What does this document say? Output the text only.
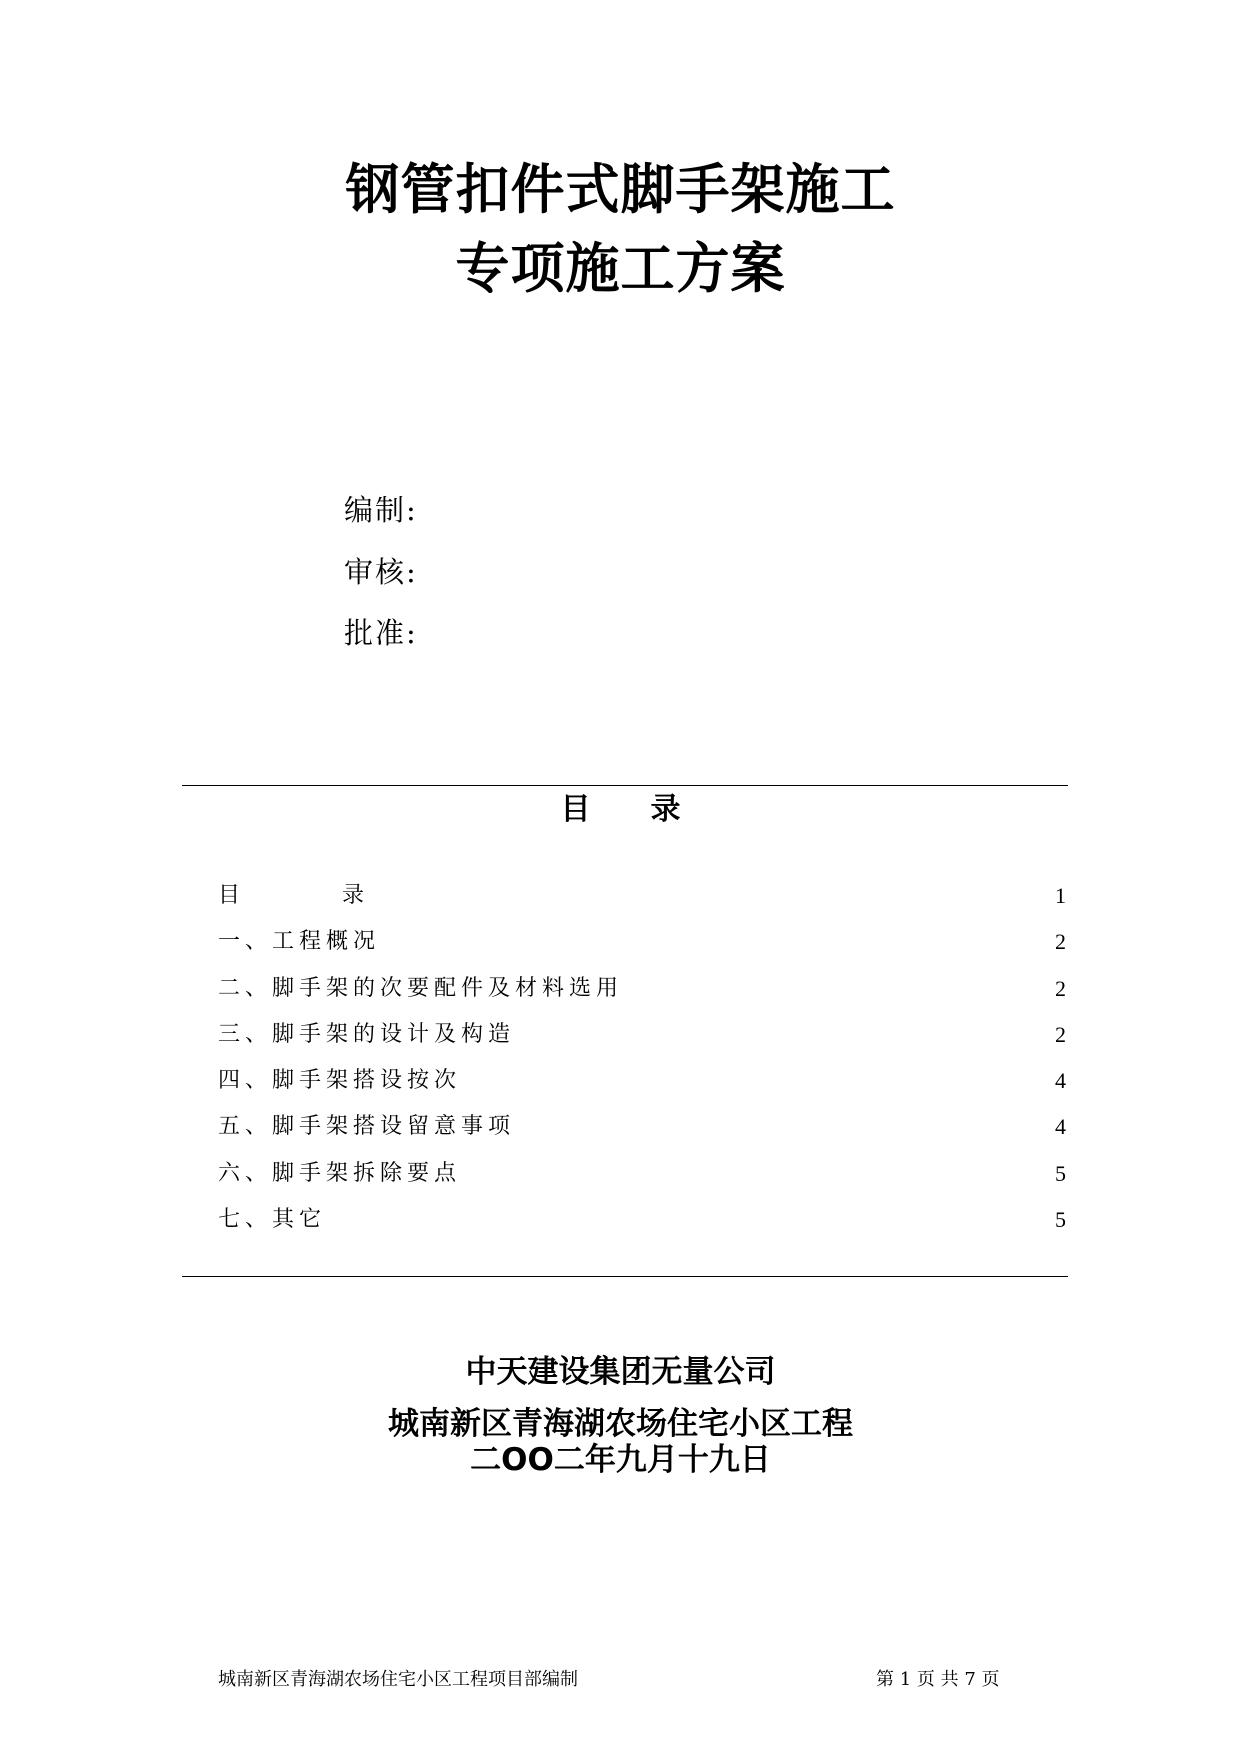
钢管扣件式脚手架施工
专项施工方案
编制:
审核:
批准:
目录
目　录	1
一、工程概况	2
二、脚手架的次要配件及材料选用	2
三、脚手架的设计及构造	2
四、脚手架搭设按次	4
五、脚手架搭设留意事项	4
六、脚手架拆除要点	5
七、其它	5
中天建设集团无量公司
城南新区青海湖农场住宅小区工程
二OO二年九月十九日
城南新区青海湖农场住宅小区工程项目部编制	第 1 页 共 7 页
